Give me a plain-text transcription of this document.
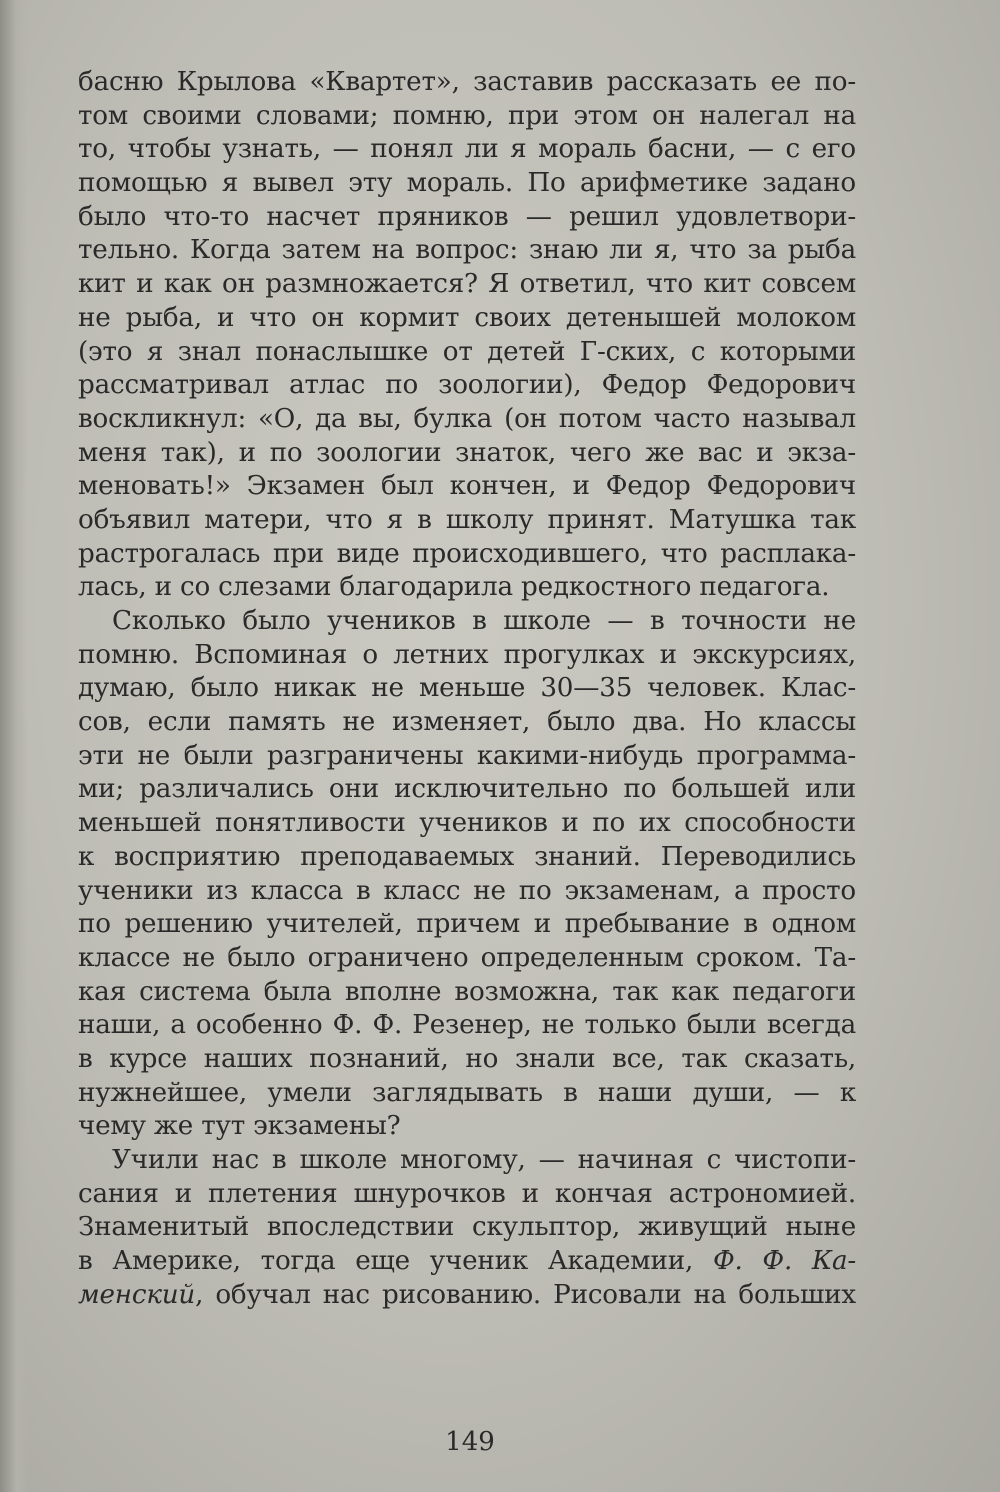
басню Крылова «Квартет», заставив рассказать ее по-
том своими словами; помню, при этом он налегал на
то, чтобы узнать, — понял ли я мораль басни, — с его
помощью я вывел эту мораль. По арифметике задано
было что-то насчет пряников — решил удовлетвори-
тельно. Когда затем на вопрос: знаю ли я, что за рыба
кит и как он размножается? Я ответил, что кит совсем
не рыба, и что он кормит своих детенышей молоком
(это я знал понаслышке от детей Г-ских, с которыми
рассматривал атлас по зоологии), Федор Федорович
воскликнул: «О, да вы, булка (он потом часто называл
меня так), и по зоологии знаток, чего же вас и экза-
меновать!» Экзамен был кончен, и Федор Федорович
объявил матери, что я в школу принят. Матушка так
растрогалась при виде происходившего, что расплака-
лась, и со слезами благодарила редкостного педагога.
Сколько было учеников в школе — в точности не
помню. Вспоминая о летних прогулках и экскурсиях,
думаю, было никак не меньше 30—35 человек. Клас-
сов, если память не изменяет, было два. Но классы
эти не были разграничены какими-нибудь программа-
ми; различались они исключительно по большей или
меньшей понятливости учеников и по их способности
к восприятию преподаваемых знаний. Переводились
ученики из класса в класс не по экзаменам, а просто
по решению учителей, причем и пребывание в одном
классе не было ограничено определенным сроком. Та-
кая система была вполне возможна, так как педагоги
наши, а особенно Ф. Ф. Резенер, не только были всегда
в курсе наших познаний, но знали все, так сказать,
нужнейшее, умели заглядывать в наши души, — к
чему же тут экзамены?
Учили нас в школе многому, — начиная с чистопи-
сания и плетения шнурочков и кончая астрономией.
Знаменитый впоследствии скульптор, живущий ныне
в Америке, тогда еще ученик Академии, Ф. Ф. Ка-
менский, обучал нас рисованию. Рисовали на больших
149
